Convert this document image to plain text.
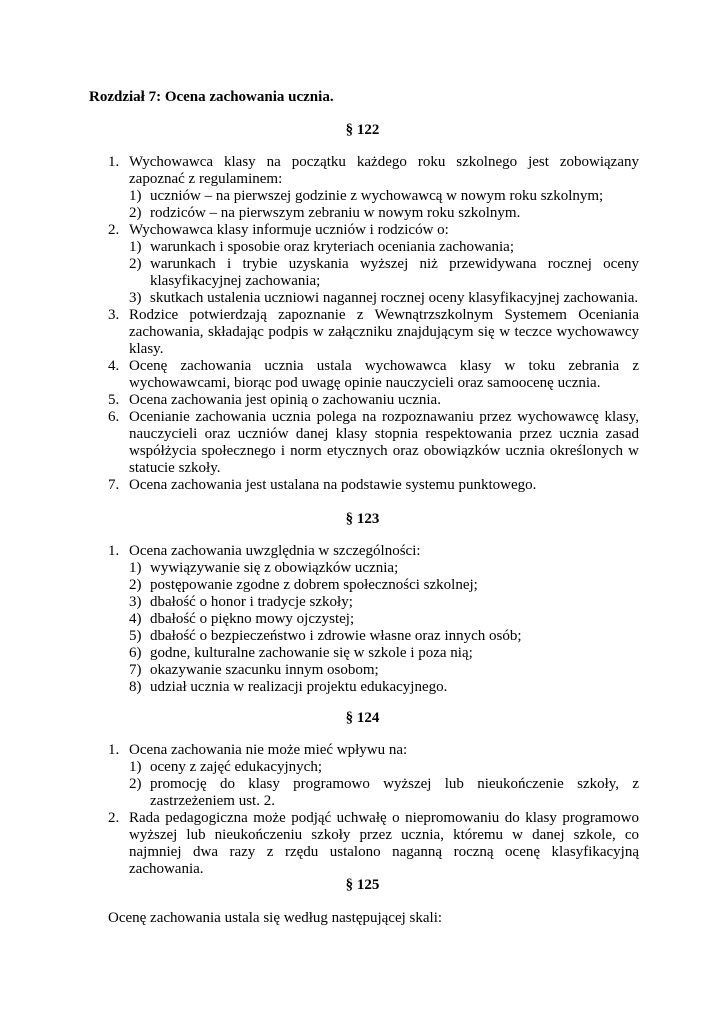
Rozdział 7: Ocena zachowania ucznia.
§ 122
1. Wychowawca klasy na początku każdego roku szkolnego jest zobowiązany zapoznać z regulaminem:
1) uczniów – na pierwszej godzinie z wychowawcą w nowym roku szkolnym;
2) rodziców – na pierwszym zebraniu w nowym roku szkolnym.
2. Wychowawca klasy informuje uczniów i rodziców o:
1) warunkach i sposobie oraz kryteriach oceniania zachowania;
2) warunkach i trybie uzyskania wyższej niż przewidywana rocznej oceny klasyfikacyjnej zachowania;
3) skutkach ustalenia uczniowi nagannej rocznej oceny klasyfikacyjnej zachowania.
3. Rodzice potwierdzają zapoznanie z Wewnątrzszkolnym Systemem Oceniania zachowania, składając podpis w załączniku znajdującym się w teczce wychowawcy klasy.
4. Ocenę zachowania ucznia ustala wychowawca klasy w toku zebrania z wychowawcami, biorąc pod uwagę opinie nauczycieli oraz samoocenę ucznia.
5. Ocena zachowania jest opinią o zachowaniu ucznia.
6. Ocenianie zachowania ucznia polega na rozpoznawaniu przez wychowawcę klasy, nauczycieli oraz uczniów danej klasy stopnia respektowania przez ucznia zasad współżycia społecznego i norm etycznych oraz obowiązków ucznia określonych w statucie szkoły.
7. Ocena zachowania jest ustalana na podstawie systemu punktowego.
§ 123
1. Ocena zachowania uwzględnia w szczególności:
1) wywiązywanie się z obowiązków ucznia;
2) postępowanie zgodne z dobrem społeczności szkolnej;
3) dbałość o honor i tradycje szkoły;
4) dbałość o piękno mowy ojczystej;
5) dbałość o bezpieczeństwo i zdrowie własne oraz innych osób;
6) godne, kulturalne zachowanie się w szkole i poza nią;
7) okazywanie szacunku innym osobom;
8) udział ucznia w realizacji projektu edukacyjnego.
§ 124
1. Ocena zachowania nie może mieć wpływu na:
1) oceny z zajęć edukacyjnych;
2) promocję do klasy programowo wyższej lub nieukończenie szkoły, z zastrzeżeniem ust. 2.
2. Rada pedagogiczna może podjąć uchwałę o niepromowaniu do klasy programowo wyższej lub nieukończeniu szkoły przez ucznia, któremu w danej szkole, co najmniej dwa razy z rzędu ustalono naganną roczną ocenę klasyfikacyjną zachowania.
§ 125
Ocenę zachowania ustala się według następującej skali:
